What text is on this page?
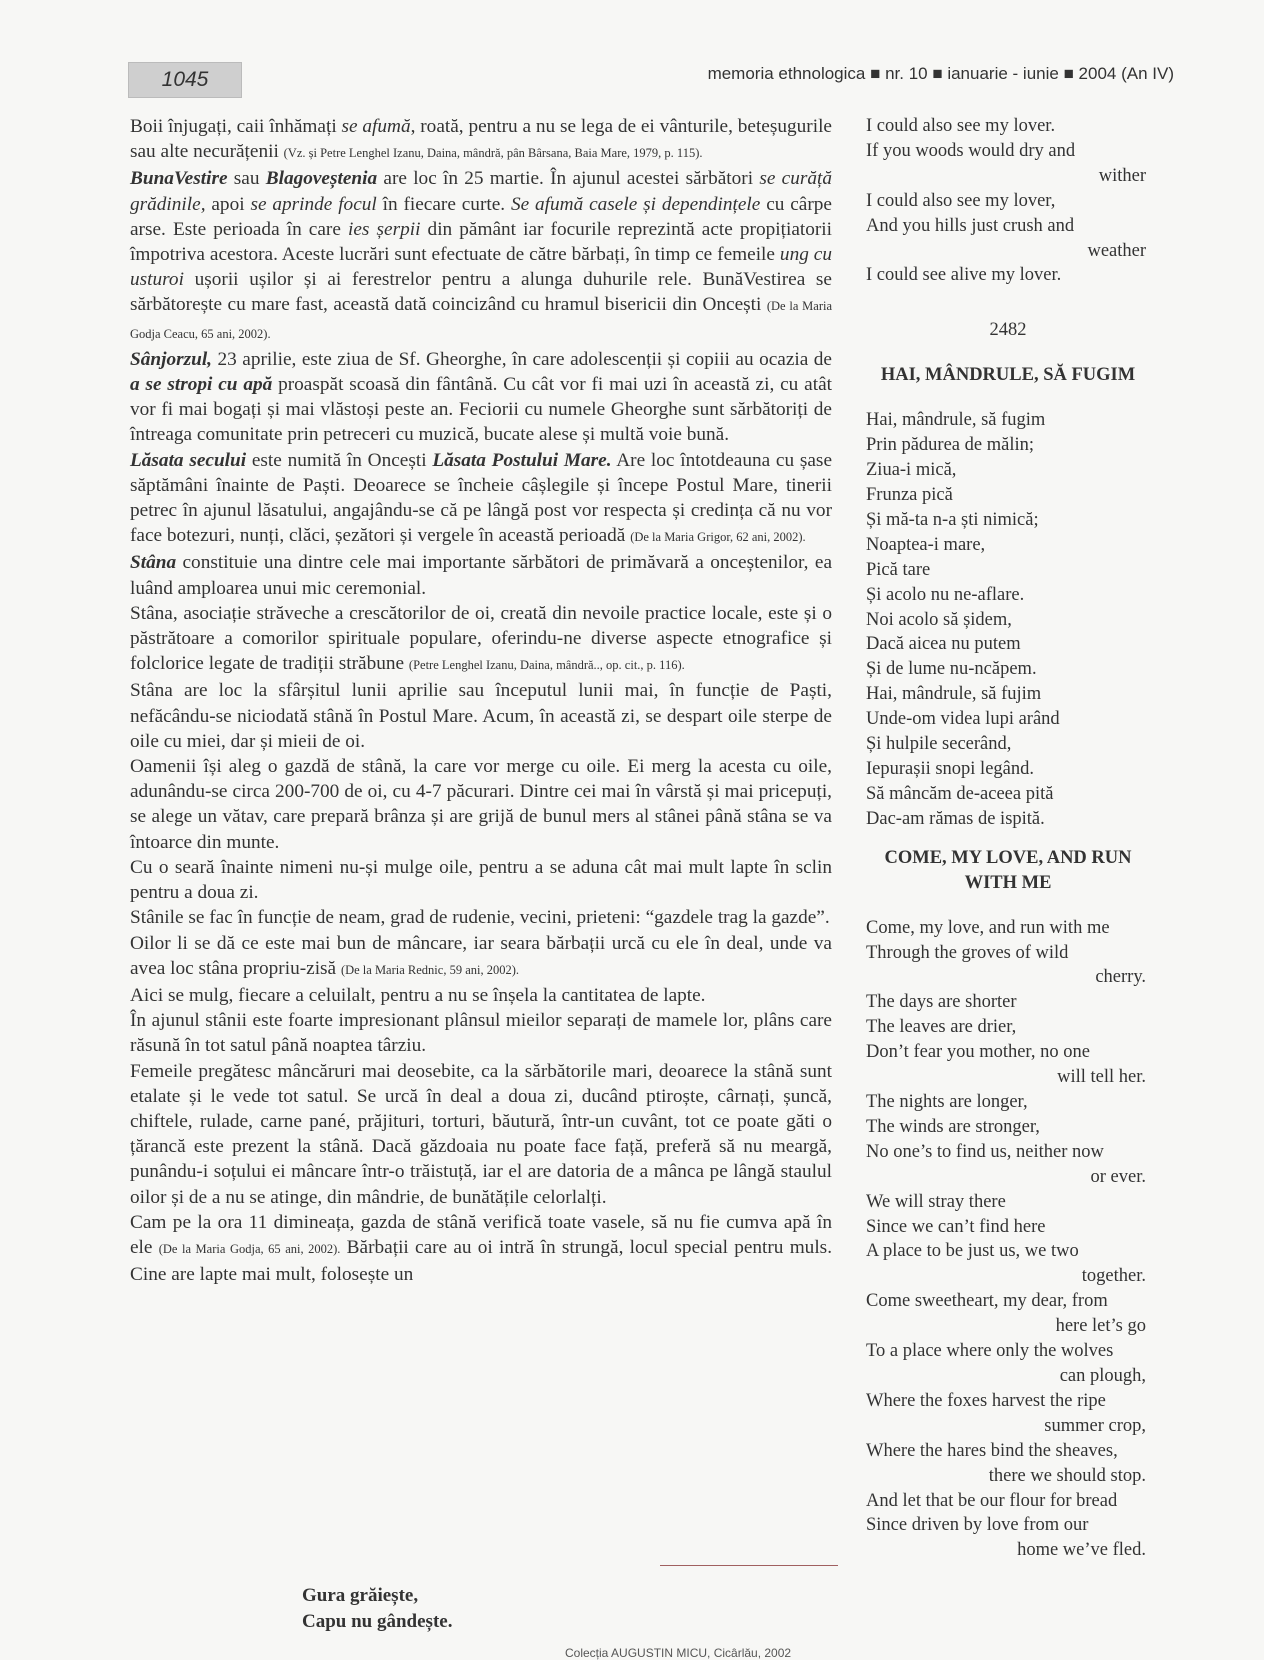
1045	memoria ethnologica ■ nr. 10 ■ ianuarie - iunie ■ 2004 (An IV)

Boii înjugați, caii înhămați se afumă, roată, pentru a nu se lega de ei vânturile, beteșugurile sau alte necurățenii (Vz. și Petre Lenghel Izanu, Daina, mândră, pân Bârsana, Baia Mare, 1979, p. 115).

BunaVestire sau Blagoveștenia are loc în 25 martie. În ajunul acestei sărbători se curăță grădinile, apoi se aprinde focul în fiecare curte. Se afumă casele și dependințele cu cârpe arse. Este perioada în care ies șerpii din pământ iar focurile reprezintă acte propițiatorii împotriva acestora. Aceste lucrări sunt efectuate de către bărbați, în timp ce femeile ung cu usturoi ușorii ușilor și ai ferestrelor pentru a alunga duhurile rele. BunăVestirea se sărbătorește cu mare fast, această dată coincizând cu hramul bisericii din Oncești (De la Maria Godja Ceacu, 65 ani, 2002).

Sânjorzul, 23 aprilie, este ziua de Sf. Gheorghe, în care adolescenții și copiii au ocazia de a se stropi cu apă proaspăt scoasă din fântână. Cu cât vor fi mai uzi în această zi, cu atât vor fi mai bogați și mai vlăstoși peste an. Feciorii cu numele Gheorghe sunt sărbătoriți de întreaga comunitate prin petreceri cu muzică, bucate alese și multă voie bună.

Lăsata secului este numită în Oncești Lăsata Postului Mare. Are loc întotdeauna cu șase săptămâni înainte de Paști. Deoarece se încheie câșlegile și începe Postul Mare, tinerii petrec în ajunul lăsatului, angajându-se că pe lângă post vor respecta și credința că nu vor face botezuri, nunți, clăci, șezători și vergele în această perioadă (De la Maria Grigor, 62 ani, 2002).

Stâna constituie una dintre cele mai importante sărbători de primăvară a onceștenilor, ea luând amploarea unui mic ceremonial.

Stâna, asociație străveche a crescătorilor de oi, creată din nevoile practice locale, este și o păstrătoare a comorilor spirituale populare, oferindu-ne diverse aspecte etnografice și folclorice legate de tradiții străbune (Petre Lenghel Izanu, Daina, mândră.., op. cit., p. 116).

Stâna are loc la sfârșitul lunii aprilie sau începutul lunii mai, în funcție de Paști, nefăcându-se niciodată stână în Postul Mare. Acum, în această zi, se despart oile sterpe de oile cu miei, dar și mieii de oi.

Oamenii își aleg o gazdă de stână, la care vor merge cu oile. Ei merg la acesta cu oile, adunându-se circa 200-700 de oi, cu 4-7 păcurari. Dintre cei mai în vârstă și mai pricepuți, se alege un vătav, care prepară brânza și are grijă de bunul mers al stânei până stâna se va întoarce din munte.

Cu o seară înainte nimeni nu-și mulge oile, pentru a se aduna cât mai mult lapte în sclin pentru a doua zi.

Stânile se fac în funcție de neam, grad de rudenie, vecini, prieteni: “gazdele trag la gazde”.

Oilor li se dă ce este mai bun de mâncare, iar seara bărbații urcă cu ele în deal, unde va avea loc stâna propriu-zisă (De la Maria Rednic, 59 ani, 2002).

Aici se mulg, fiecare a celuilalt, pentru a nu se înșela la cantitatea de lapte.

În ajunul stânii este foarte impresionant plânsul mieilor separați de mamele lor, plâns care răsună în tot satul până noaptea târziu.

Femeile pregătesc mâncăruri mai deosebite, ca la sărbătorile mari, deoarece la stână sunt etalate și le vede tot satul. Se urcă în deal a doua zi, ducând ptiroște, cârnați, șuncă, chiftele, rulade, carne pané, prăjituri, torturi, băutură, într-un cuvânt, tot ce poate găti o țărancă este prezent la stână. Dacă găzdoaia nu poate face față, preferă să nu meargă, punându-i soțului ei mâncare într-o trăistuță, iar el are datoria de a mânca pe lângă staulul oilor și de a nu se atinge, din mândrie, de bunătățile celorlalți.

Cam pe la ora 11 dimineața, gazda de stână verifică toate vasele, să nu fie cumva apă în ele (De la Maria Godja, 65 ani, 2002). Bărbații care au oi intră în strungă, locul special pentru muls. Cine are lapte mai mult, folosește un

I could also see my lover.
If you woods would dry and
wither
I could also see my lover,
And you hills just crush and
weather
I could see alive my lover.
2482
HAI, MÂNDRULE, SĂ FUGIM
Hai, mândrule, să fugim
Prin pădurea de mălin;
Ziua-i mică,
Frunza pică
Și mă-ta n-a ști nimică;
Noaptea-i mare,
Pică tare
Și acolo nu ne-aflare.
Noi acolo să șidem,
Dacă aicea nu putem
Și de lume nu-ncăpem.
Hai, mândrule, să fujim
Unde-om videa lupi arând
Și hulpile secerând,
Iepurașii snopi legând.
Să mâncăm de-aceea pită
Dac-am rămas de ispită.
COME, MY LOVE, AND RUN WITH ME
Come, my love, and run with me
Through the groves of wild
cherry.
The days are shorter
The leaves are drier,
Don’t fear you mother, no one
will tell her.
The nights are longer,
The winds are stronger,
No one’s to find us, neither now
or ever.
We will stray there
Since we can’t find here
A place to be just us, we two
together.
Come sweetheart, my dear, from
here let’s go
To a place where only the wolves
can plough,
Where the foxes harvest the ripe
summer crop,
Where the hares bind the sheaves,
there we should stop.
And let that be our flour for bread
Since driven by love from our
home we’ve fled.
Gura grăiește,
Capu nu gândește.
Colecția AUGUSTIN MICU, Cicârlău, 2002
